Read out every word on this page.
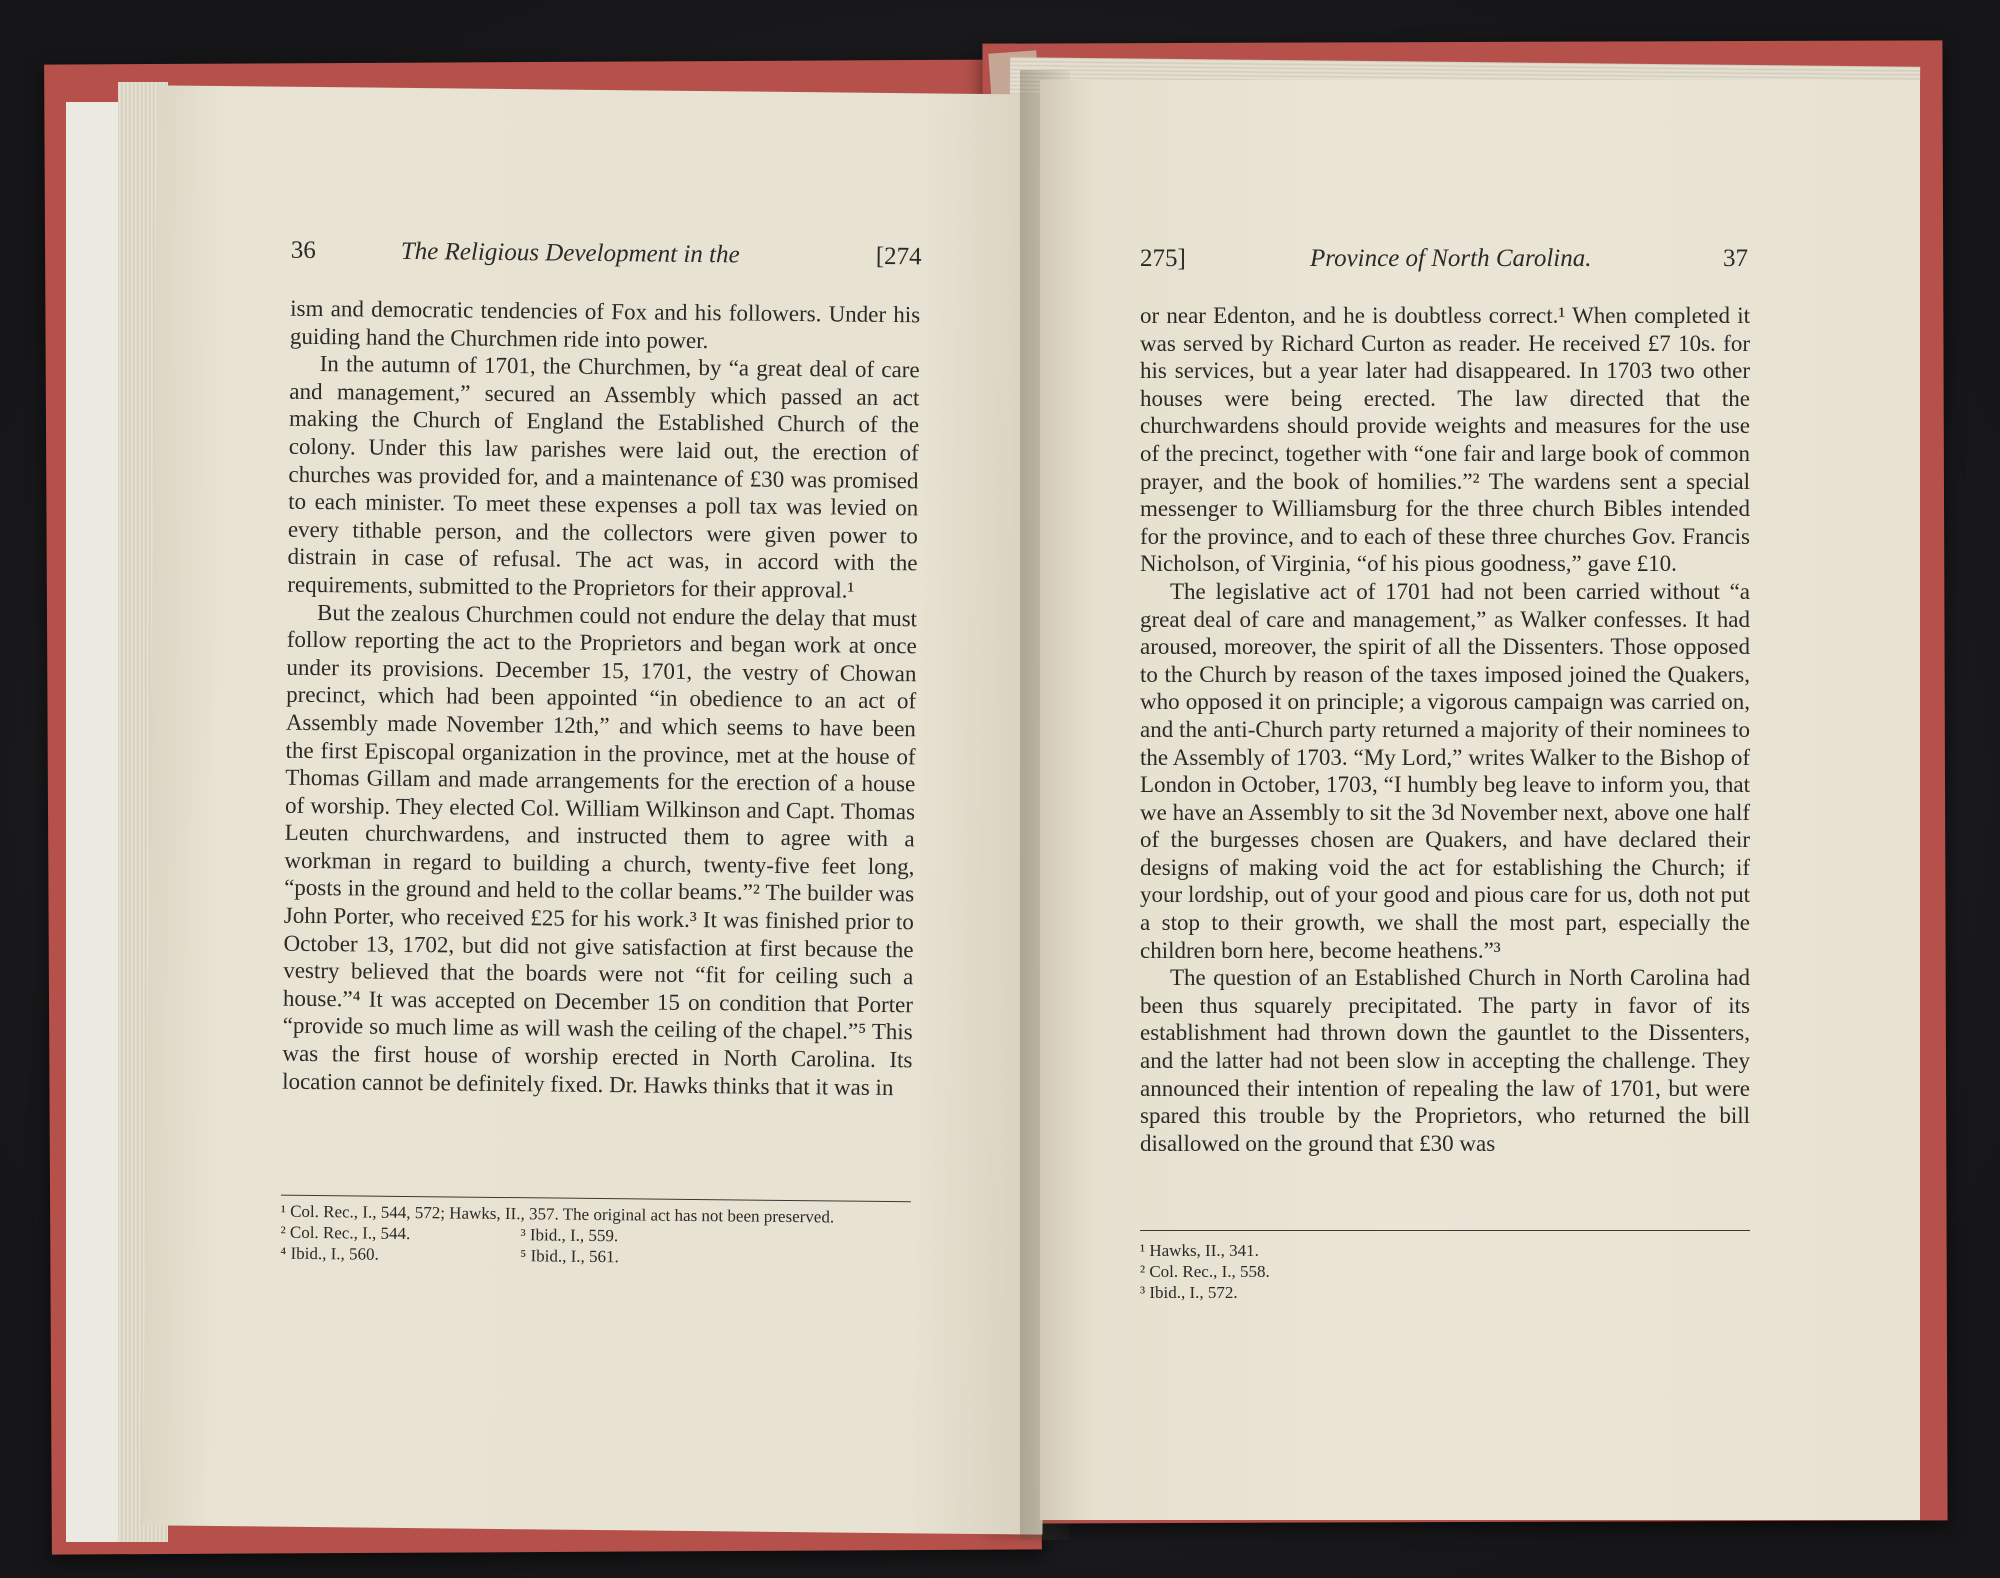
36	The Religious Development in the	[274

ism and democratic tendencies of Fox and his followers. Under his guiding hand the Churchmen ride into power.

In the autumn of 1701, the Churchmen, by “a great deal of care and management,” secured an Assembly which passed an act making the Church of England the Established Church of the colony. Under this law parishes were laid out, the erection of churches was provided for, and a maintenance of £30 was promised to each minister. To meet these expenses a poll tax was levied on every tithable person, and the collectors were given power to distrain in case of refusal. The act was, in accord with the requirements, submitted to the Proprietors for their approval.¹

But the zealous Churchmen could not endure the delay that must follow reporting the act to the Proprietors and began work at once under its provisions. December 15, 1701, the vestry of Chowan precinct, which had been appointed “in obedience to an act of Assembly made November 12th,” and which seems to have been the first Episcopal organization in the province, met at the house of Thomas Gillam and made arrangements for the erection of a house of worship. They elected Col. William Wilkinson and Capt. Thomas Leuten churchwardens, and instructed them to agree with a workman in regard to building a church, twenty-five feet long, “posts in the ground and held to the collar beams.”² The builder was John Porter, who received £25 for his work.³ It was finished prior to October 13, 1702, but did not give satisfaction at first because the vestry believed that the boards were not “fit for ceiling such a house.”⁴ It was accepted on December 15 on condition that Porter “provide so much lime as will wash the ceiling of the chapel.”⁵ This was the first house of worship erected in North Carolina. Its location cannot be definitely fixed. Dr. Hawks thinks that it was in

¹ Col. Rec., I., 544, 572; Hawks, II., 357. The original act has not been preserved.
² Col. Rec., I., 544.	³ Ibid., I., 559.
⁴ Ibid., I., 560.	⁵ Ibid., I., 561.
275]	Province of North Carolina.	37

or near Edenton, and he is doubtless correct.¹ When completed it was served by Richard Curton as reader. He received £7 10s. for his services, but a year later had disappeared. In 1703 two other houses were being erected. The law directed that the churchwardens should provide weights and measures for the use of the precinct, together with “one fair and large book of common prayer, and the book of homilies.”² The wardens sent a special messenger to Williamsburg for the three church Bibles intended for the province, and to each of these three churches Gov. Francis Nicholson, of Virginia, “of his pious goodness,” gave £10.

The legislative act of 1701 had not been carried without “a great deal of care and management,” as Walker confesses. It had aroused, moreover, the spirit of all the Dissenters. Those opposed to the Church by reason of the taxes imposed joined the Quakers, who opposed it on principle; a vigorous campaign was carried on, and the anti-Church party returned a majority of their nominees to the Assembly of 1703. “My Lord,” writes Walker to the Bishop of London in October, 1703, “I humbly beg leave to inform you, that we have an Assembly to sit the 3d November next, above one half of the burgesses chosen are Quakers, and have declared their designs of making void the act for establishing the Church; if your lordship, out of your good and pious care for us, doth not put a stop to their growth, we shall the most part, especially the children born here, become heathens.”³

The question of an Established Church in North Carolina had been thus squarely precipitated. The party in favor of its establishment had thrown down the gauntlet to the Dissenters, and the latter had not been slow in accepting the challenge. They announced their intention of repealing the law of 1701, but were spared this trouble by the Proprietors, who returned the bill disallowed on the ground that £30 was

¹ Hawks, II., 341.
² Col. Rec., I., 558.
³ Ibid., I., 572.
